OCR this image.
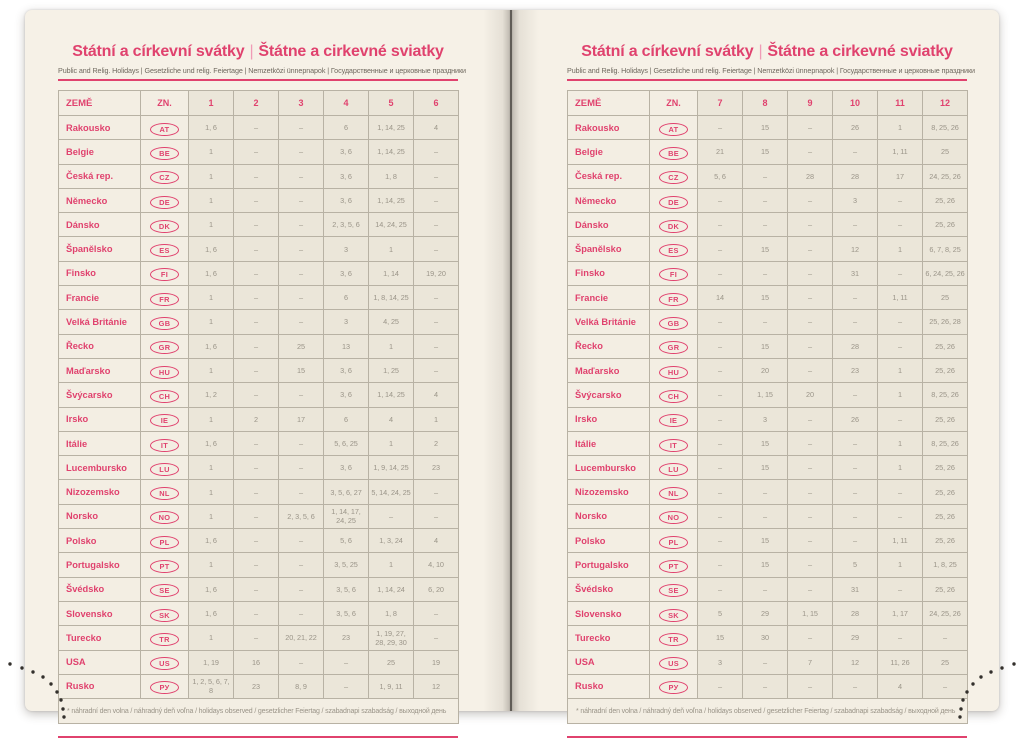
Státní a církevní svátky | Štátne a cirkevné sviatky
Public and Relig. Holidays | Gesetzliche und relig. Feiertage | Nemzetközi ünnepnapok | Государственные и церковные праздники
ZEMĚ	ZN.	1	2	3	4	5	6
Rakousko	AT	1, 6	–	–	6	1, 14, 25	4
Belgie	BE	1	–	–	3, 6	1, 14, 25	–
Česká rep.	CZ	1	–	–	3, 6	1, 8	–
Německo	DE	1	–	–	3, 6	1, 14, 25	–
Dánsko	DK	1	–	–	2, 3, 5, 6	14, 24, 25	–
Španělsko	ES	1, 6	–	–	3	1	–
Finsko	FI	1, 6	–	–	3, 6	1, 14	19, 20
Francie	FR	1	–	–	6	1, 8, 14, 25	–
Velká Británie	GB	1	–	–	3	4, 25	–
Řecko	GR	1, 6	–	25	13	1	–
Maďarsko	HU	1	–	15	3, 6	1, 25	–
Švýcarsko	CH	1, 2	–	–	3, 6	1, 14, 25	4
Irsko	IE	1	2	17	6	4	1
Itálie	IT	1, 6	–	–	5, 6, 25	1	2
Lucembursko	LU	1	–	–	3, 6	1, 9, 14, 25	23
Nizozemsko	NL	1	–	–	3, 5, 6, 27	5, 14, 24, 25	–
Norsko	NO	1	–	2, 3, 5, 6	1, 14, 17, 24, 25	–	–
Polsko	PL	1, 6	–	–	5, 6	1, 3, 24	4
Portugalsko	PT	1	–	–	3, 5, 25	1	4, 10
Švédsko	SE	1, 6	–	–	3, 5, 6	1, 14, 24	6, 20
Slovensko	SK	1, 6	–	–	3, 5, 6	1, 8	–
Turecko	TR	1	–	20, 21, 22	23	1, 19, 27, 28, 29, 30	–
USA	US	1, 19	16	–	–	25	19
Rusko	РУ	1, 2, 5, 6, 7, 8	23	8, 9	–	1, 9, 11	12
* náhradní den volna / náhradný deň voľna / holidays observed / gesetzlicher Feiertag / szabadnapi szabadság / выходной день							
Státní a církevní svátky | Štátne a cirkevné sviatky
Public and Relig. Holidays | Gesetzliche und relig. Feiertage | Nemzetközi ünnepnapok | Государственные и церковные праздники
ZEMĚ	ZN.	7	8	9	10	11	12
Rakousko	AT	–	15	–	26	1	8, 25, 26
Belgie	BE	21	15	–	–	1, 11	25
Česká rep.	CZ	5, 6	–	28	28	17	24, 25, 26
Německo	DE	–	–	–	3	–	25, 26
Dánsko	DK	–	–	–	–	–	25, 26
Španělsko	ES	–	15	–	12	1	6, 7, 8, 25
Finsko	FI	–	–	–	31	–	6, 24, 25, 26
Francie	FR	14	15	–	–	1, 11	25
Velká Británie	GB	–	–	–	–	–	25, 26, 28
Řecko	GR	–	15	–	28	–	25, 26
Maďarsko	HU	–	20	–	23	1	25, 26
Švýcarsko	CH	–	1, 15	20	–	1	8, 25, 26
Irsko	IE	–	3	–	26	–	25, 26
Itálie	IT	–	15	–	–	1	8, 25, 26
Lucembursko	LU	–	15	–	–	1	25, 26
Nizozemsko	NL	–	–	–	–	–	25, 26
Norsko	NO	–	–	–	–	–	25, 26
Polsko	PL	–	15	–	–	1, 11	25, 26
Portugalsko	PT	–	15	–	5	1	1, 8, 25
Švédsko	SE	–	–	–	31	–	25, 26
Slovensko	SK	5	29	1, 15	28	1, 17	24, 25, 26
Turecko	TR	15	30	–	29	–	–
USA	US	3	–	7	12	11, 26	25
Rusko	РУ	–	–	–	–	4	–
* náhradní den volna / náhradný deň voľna / holidays observed / gesetzlicher Feiertag / szabadnapi szabadság / выходной день							
